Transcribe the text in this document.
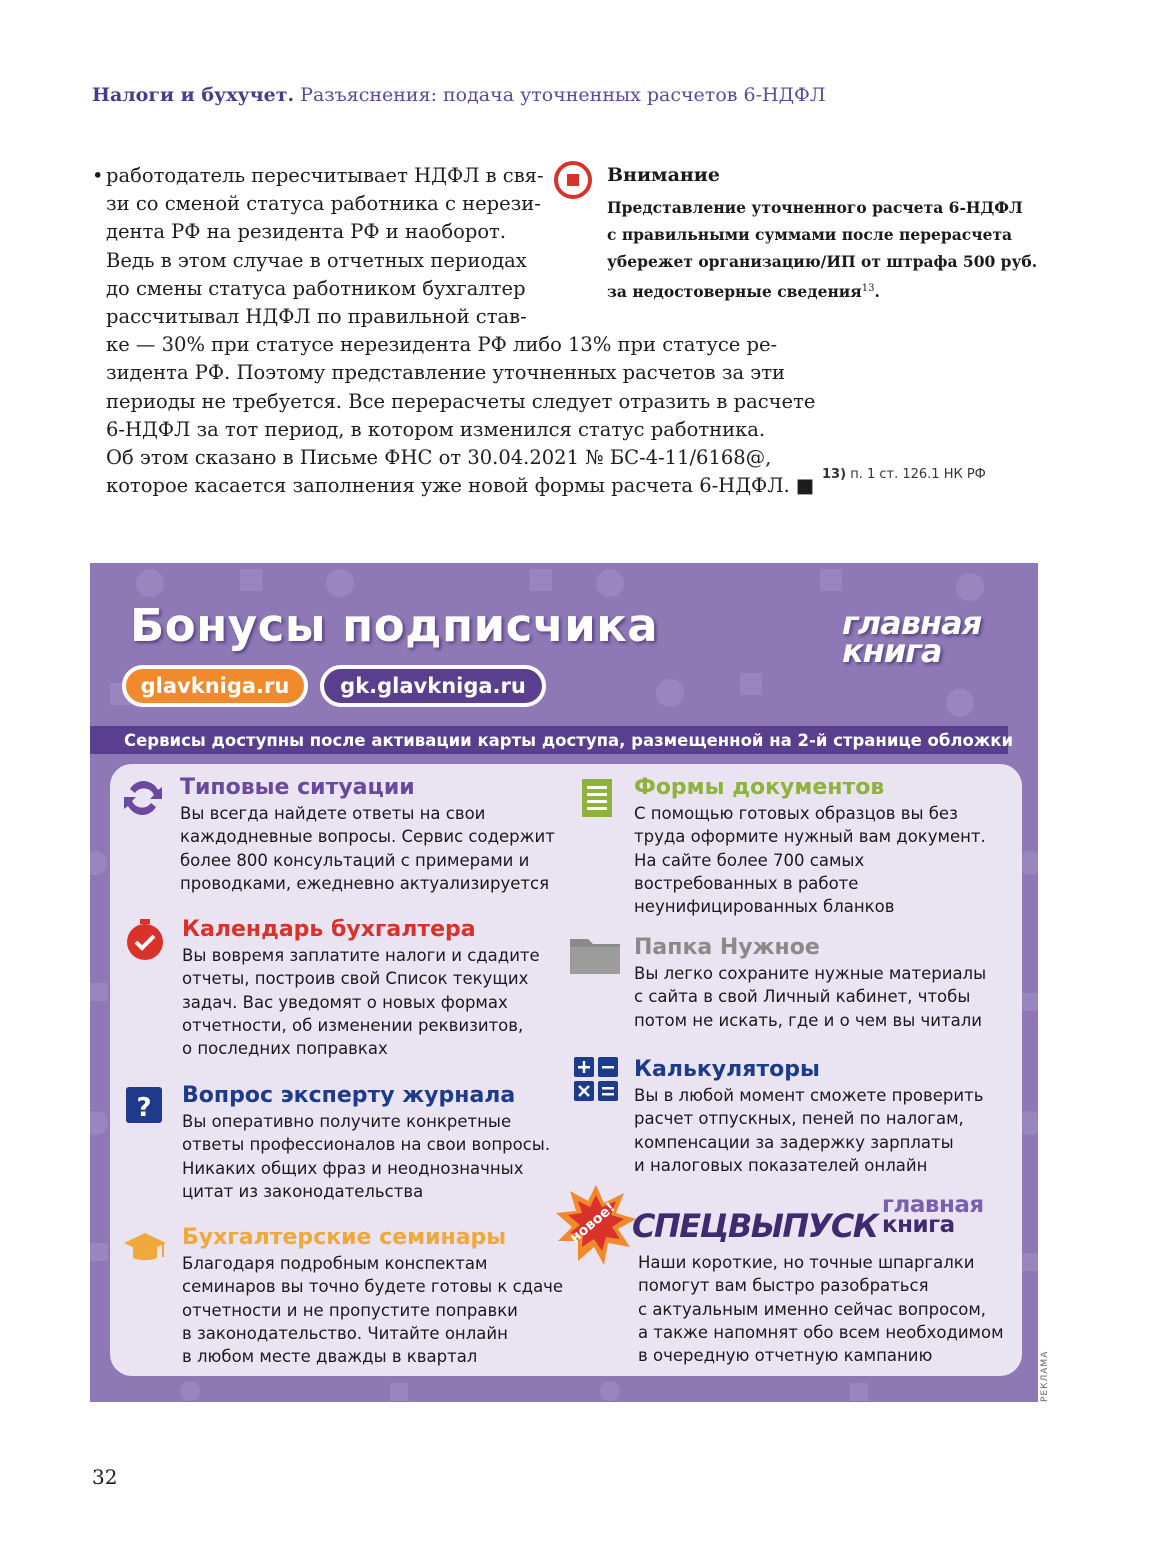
Налоги и бухучет. Разъяснения: подача уточненных расчетов 6-НДФЛ
• работодатель пересчитывает НДФЛ в свя-
зи со сменой статуса работника с нерези-
дента РФ на резидента РФ и наоборот.
Ведь в этом случае в отчетных периодах
до смены статуса работником бухгалтер
рассчитывал НДФЛ по правильной став-
ке — 30% при статусе нерезидента РФ либо 13% при статусе ре-
зидента РФ. Поэтому представление уточненных расчетов за эти
периоды не требуется. Все перерасчеты следует отразить в расчете
6-НДФЛ за тот период, в котором изменился статус работника.
Об этом сказано в Письме ФНС от 30.04.2021 № БС-4-11/6168@,
которое касается заполнения уже новой формы расчета 6-НДФЛ. ■
Внимание
Представление уточненного расчета 6-НДФЛ
с правильными суммами после перерасчета
убережет организацию/ИП от штрафа 500 руб.
за недостоверные сведения$^{13}$.
13) п. 1 ст. 126.1 НК РФ
Бонусы подписчика	главная
книга
glavkniga.ru	gk.glavkniga.ru
Сервисы доступны после активации карты доступа, размещенной на 2-й странице обложки
Типовые ситуации
Вы всегда найдете ответы на свои
каждодневные вопросы. Сервис содержит
более 800 консультаций с примерами и
проводками, ежедневно актуализируется
Календарь бухгалтера
Вы вовремя заплатите налоги и сдадите
отчеты, построив свой Список текущих
задач. Вас уведомят о новых формах
отчетности, об изменении реквизитов,
о последних поправках
? Вопрос эксперту журнала
Вы оперативно получите конкретные
ответы профессионалов на свои вопросы.
Никаких общих фраз и неоднозначных
цитат из законодательства
Бухгалтерские семинары
Благодаря подробным конспектам
семинаров вы точно будете готовы к сдаче
отчетности и не пропустите поправки
в законодательство. Читайте онлайн
в любом месте дважды в квартал
Формы документов
С помощью готовых образцов вы без
труда оформите нужный вам документ.
На сайте более 700 самых
востребованных в работе
неунифицированных бланков
Папка Нужное
Вы легко сохраните нужные материалы
с сайта в свой Личный кабинет, чтобы
потом не искать, где и о чем вы читали
Калькуляторы
Вы в любой момент сможете проверить
расчет отпускных, пеней по налогам,
компенсации за задержку зарплаты
и налоговых показателей онлайн
новое! СПЕЦВЫПУСК
главная
книга
Наши короткие, но точные шпаргалки
помогут вам быстро разобраться
с актуальным именно сейчас вопросом,
а также напомнят обо всем необходимом
в очередную отчетную кампанию	РЕКЛАМА
32
